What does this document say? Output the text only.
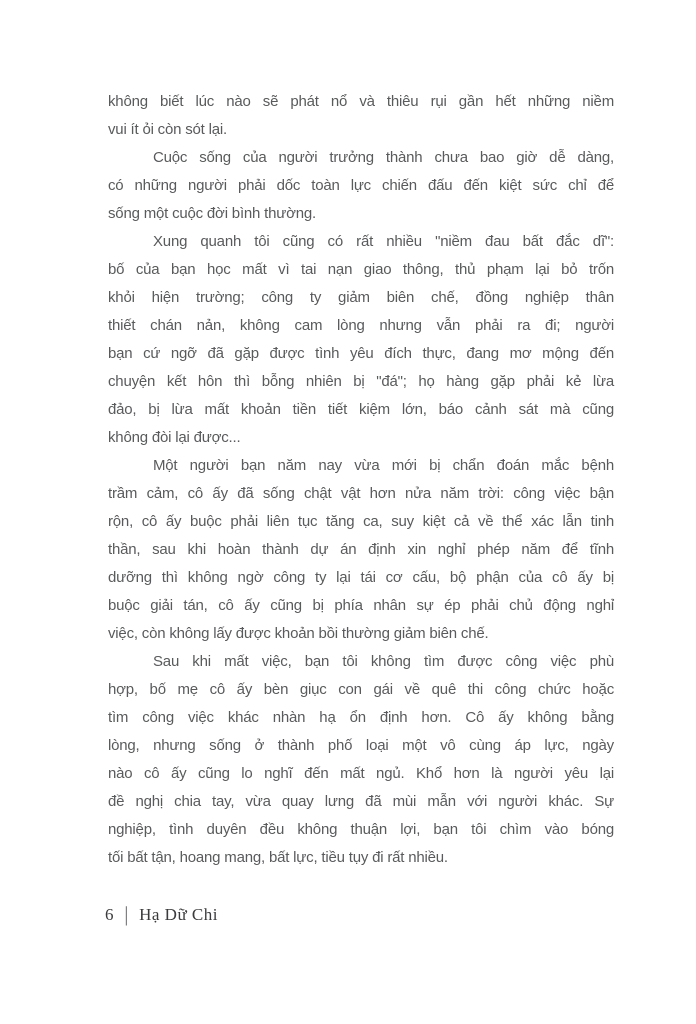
không biết lúc nào sẽ phát nổ và thiêu rụi gần hết những niềm
vui ít ỏi còn sót lại.
Cuộc sống của người trưởng thành chưa bao giờ dễ dàng,
có những người phải dốc toàn lực chiến đấu đến kiệt sức chỉ để
sống một cuộc đời bình thường.
Xung quanh tôi cũng có rất nhiều "niềm đau bất đắc dĩ":
bố của bạn học mất vì tai nạn giao thông, thủ phạm lại bỏ trốn
khỏi hiện trường; công ty giảm biên chế, đồng nghiệp thân
thiết chán nản, không cam lòng nhưng vẫn phải ra đi; người
bạn cứ ngỡ đã gặp được tình yêu đích thực, đang mơ mộng đến
chuyện kết hôn thì bỗng nhiên bị "đá"; họ hàng gặp phải kẻ lừa
đảo, bị lừa mất khoản tiền tiết kiệm lớn, báo cảnh sát mà cũng
không đòi lại được...
Một người bạn năm nay vừa mới bị chẩn đoán mắc bệnh
trầm cảm, cô ấy đã sống chật vật hơn nửa năm trời: công việc bận
rộn, cô ấy buộc phải liên tục tăng ca, suy kiệt cả về thể xác lẫn tinh
thần, sau khi hoàn thành dự án định xin nghỉ phép năm để tĩnh
dưỡng thì không ngờ công ty lại tái cơ cấu, bộ phận của cô ấy bị
buộc giải tán, cô ấy cũng bị phía nhân sự ép phải chủ động nghỉ
việc, còn không lấy được khoản bồi thường giảm biên chế.
Sau khi mất việc, bạn tôi không tìm được công việc phù
hợp, bố mẹ cô ấy bèn giục con gái về quê thi công chức hoặc
tìm công việc khác nhàn hạ ổn định hơn. Cô ấy không bằng
lòng, nhưng sống ở thành phố loại một vô cùng áp lực, ngày
nào cô ấy cũng lo nghĩ đến mất ngủ. Khổ hơn là người yêu lại
đề nghị chia tay, vừa quay lưng đã mùi mẫn với người khác. Sự
nghiệp, tình duyên đều không thuận lợi, bạn tôi chìm vào bóng
tối bất tận, hoang mang, bất lực, tiều tụy đi rất nhiều.
6 | Hạ Dữ Chi
